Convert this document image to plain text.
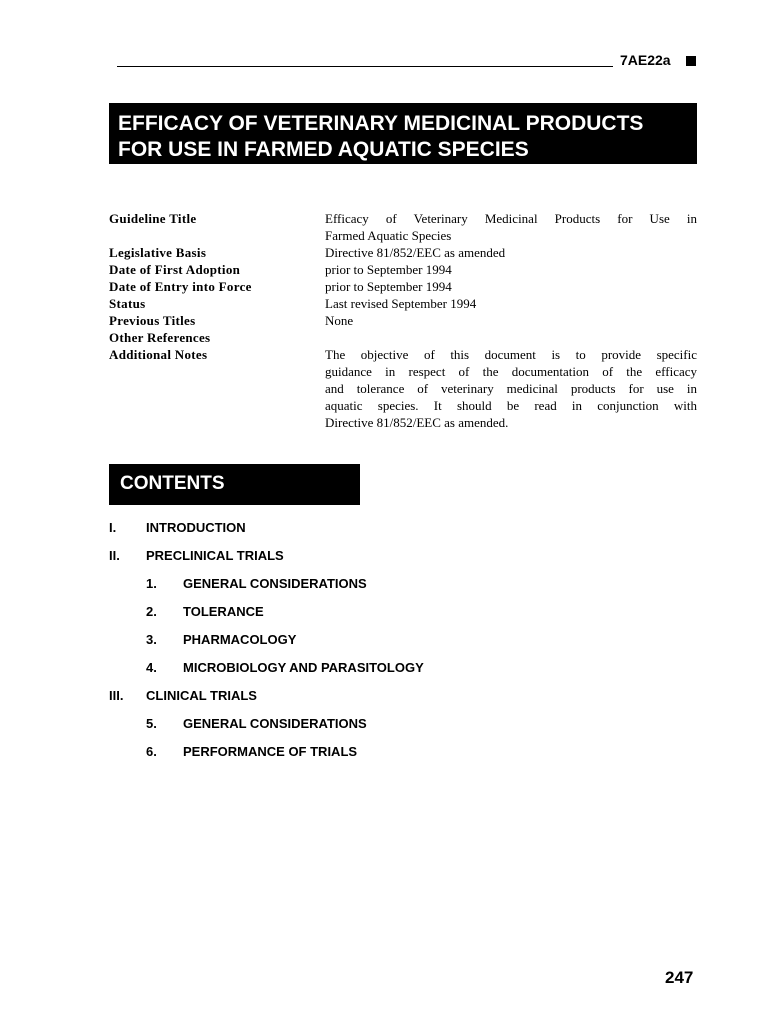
7AE22a
EFFICACY OF VETERINARY MEDICINAL PRODUCTS
FOR USE IN FARMED AQUATIC SPECIES
Guideline Title
Legislative Basis
Date of First Adoption
Date of Entry into Force
Status
Previous Titles
Other References
Additional Notes
Efficacy of Veterinary Medicinal Products for Use in
Farmed Aquatic Species
Directive 81/852/EEC as amended
prior to September 1994
prior to September 1994
Last revised September 1994
None
The objective of this document is to provide specific
guidance in respect of the documentation of the efficacy
and tolerance of veterinary medicinal products for use in
aquatic species. It should be read in conjunction with
Directive 81/852/EEC as amended.
CONTENTS
I. INTRODUCTION
II. PRECLINICAL TRIALS
1. GENERAL CONSIDERATIONS
2. TOLERANCE
3. PHARMACOLOGY
4. MICROBIOLOGY AND PARASITOLOGY
III. CLINICAL TRIALS
5. GENERAL CONSIDERATIONS
6. PERFORMANCE OF TRIALS
247
